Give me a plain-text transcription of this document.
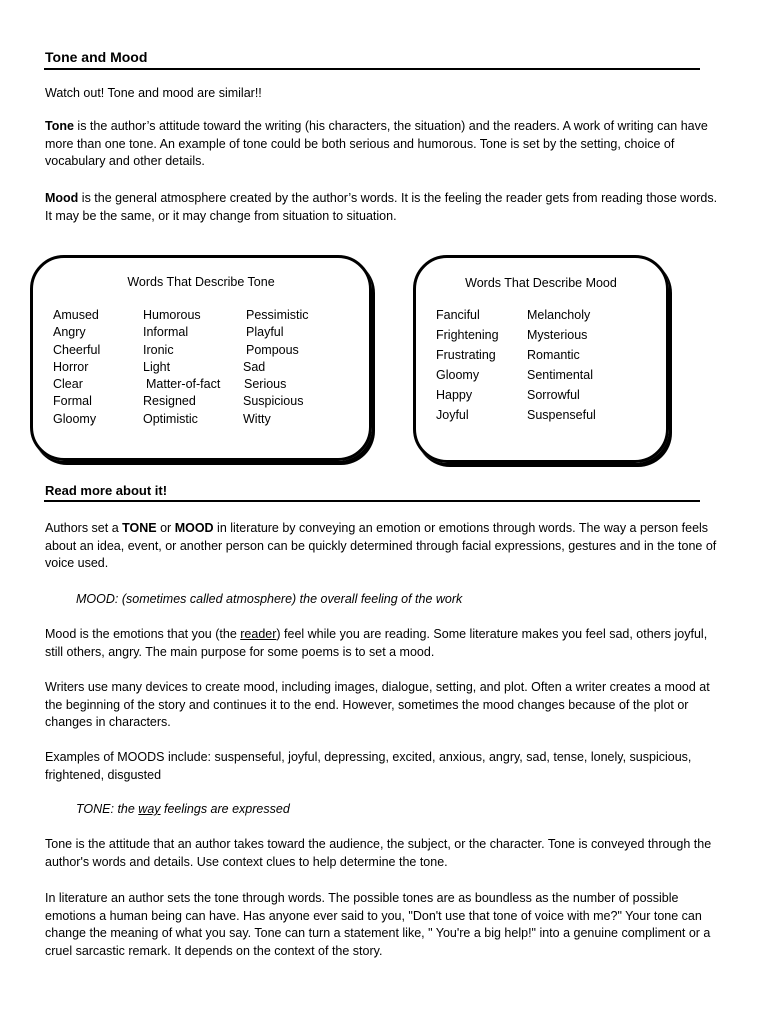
Tone and Mood

Watch out! Tone and mood are similar!!

Tone is the author’s attitude toward the writing (his characters, the situation) and the readers. A work of writing can have more than one tone. An example of tone could be both serious and humorous. Tone is set by the setting, choice of vocabulary and other details.

Mood is the general atmosphere created by the author’s words. It is the feeling the reader gets from reading those words. It may be the same, or it may change from situation to situation.

Words That Describe Tone
Amused
Angry
Cheerful
Horror
Clear
Formal
Gloomy
Humorous
Informal
Ironic
Light
Matter-of-fact
Resigned
Optimistic
Pessimistic
Playful
Pompous
Sad
Serious
Suspicious
Witty
Words That Describe Mood
Fanciful
Frightening
Frustrating
Gloomy
Happy
Joyful
Melancholy
Mysterious
Romantic
Sentimental
Sorrowful
Suspenseful
Read more about it!

Authors set a TONE or MOOD in literature by conveying an emotion or emotions through words. The way a person feels about an idea, event, or another person can be quickly determined through facial expressions, gestures and in the tone of voice used.

MOOD: (sometimes called atmosphere) the overall feeling of the work

Mood is the emotions that you (the reader) feel while you are reading. Some literature makes you feel sad, others joyful, still others, angry. The main purpose for some poems is to set a mood.

Writers use many devices to create mood, including images, dialogue, setting, and plot. Often a writer creates a mood at the beginning of the story and continues it to the end. However, sometimes the mood changes because of the plot or changes in characters.

Examples of MOODS include: suspenseful, joyful, depressing, excited, anxious, angry, sad, tense, lonely, suspicious, frightened, disgusted

TONE: the way feelings are expressed

Tone is the attitude that an author takes toward the audience, the subject, or the character. Tone is conveyed through the author's words and details. Use context clues to help determine the tone.

In literature an author sets the tone through words. The possible tones are as boundless as the number of possible emotions a human being can have. Has anyone ever said to you, "Don't use that tone of voice with me?" Your tone can change the meaning of what you say. Tone can turn a statement like, " You're a big help!" into a genuine compliment or a cruel sarcastic remark. It depends on the context of the story.
